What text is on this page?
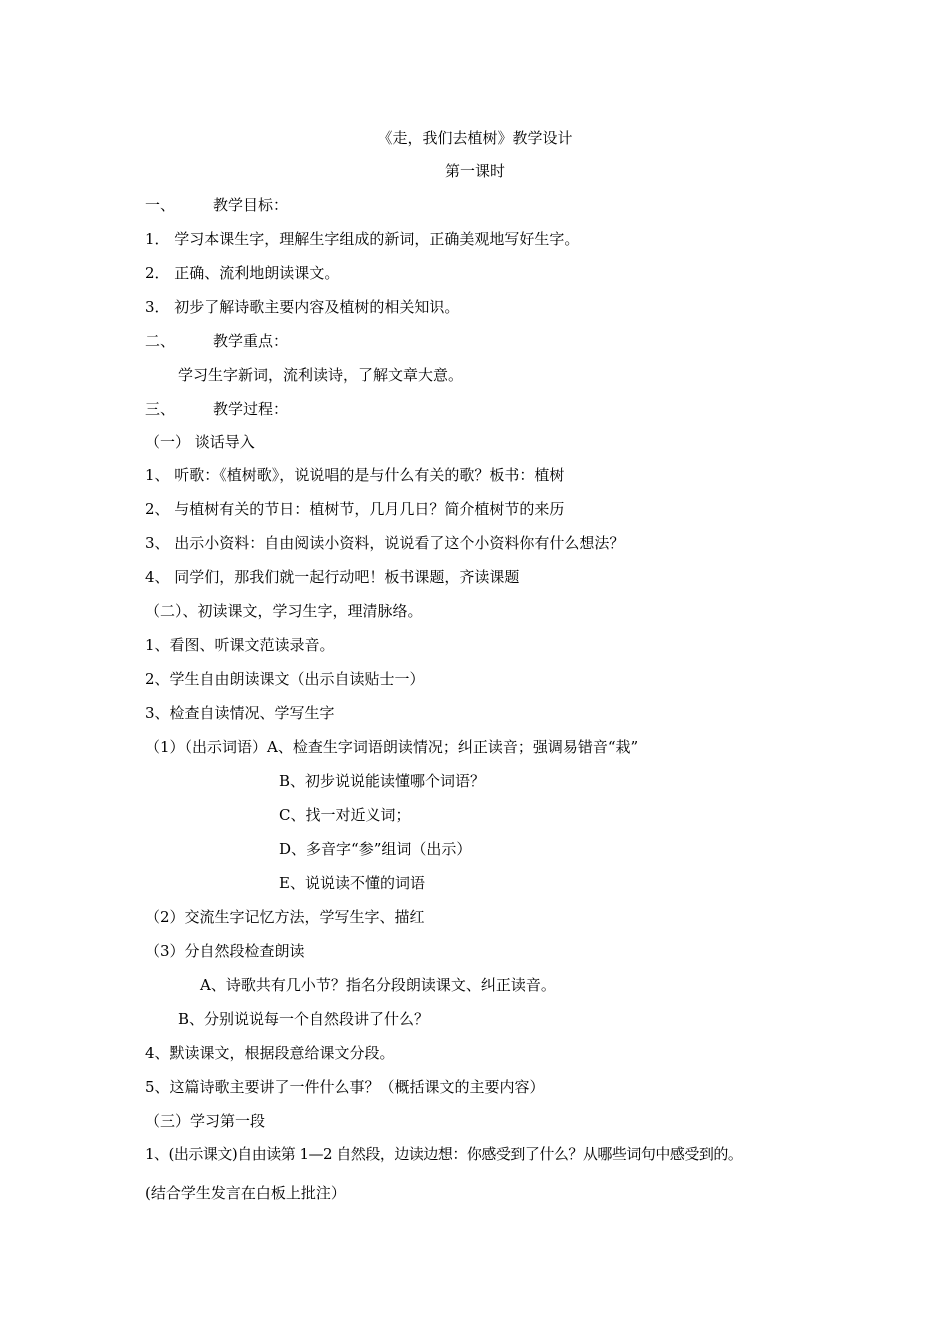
《走，我们去植树》教学设计
第一课时
一、	教学目标：
1． 学习本课生字，理解生字组成的新词，正确美观地写好生字。
2． 正确、流利地朗读课文。
3． 初步了解诗歌主要内容及植树的相关知识。
二、	教学重点：
学习生字新词，流利读诗，了解文章大意。
三、	教学过程：
（一） 谈话导入
1、 听歌：《植树歌》，说说唱的是与什么有关的歌？板书：植树
2、 与植树有关的节日：植树节，几月几日？简介植树节的来历
3、 出示小资料：自由阅读小资料，说说看了这个小资料你有什么想法？
4、 同学们，那我们就一起行动吧！板书课题，齐读课题
（二）、初读课文，学习生字，理清脉络。
1、看图、听课文范读录音。
2、学生自由朗读课文（出示自读贴士一）
3、检查自读情况、学写生字
（1）（出示词语）A、检查生字词语朗读情况；纠正读音；强调易错音“栽”
B、初步说说能读懂哪个词语？
C、找一对近义词；
D、多音字“参”组词（出示）
E、说说读不懂的词语
（2）交流生字记忆方法，学写生字、描红
（3）分自然段检查朗读
A、诗歌共有几小节？指名分段朗读课文、纠正读音。
B、分别说说每一个自然段讲了什么？
4、默读课文，根据段意给课文分段。
5、这篇诗歌主要讲了一件什么事？（概括课文的主要内容）
（三）学习第一段
1、(出示课文)自由读第 1—2 自然段，边读边想：你感受到了什么？从哪些词句中感受到的。
(结合学生发言在白板上批注）
